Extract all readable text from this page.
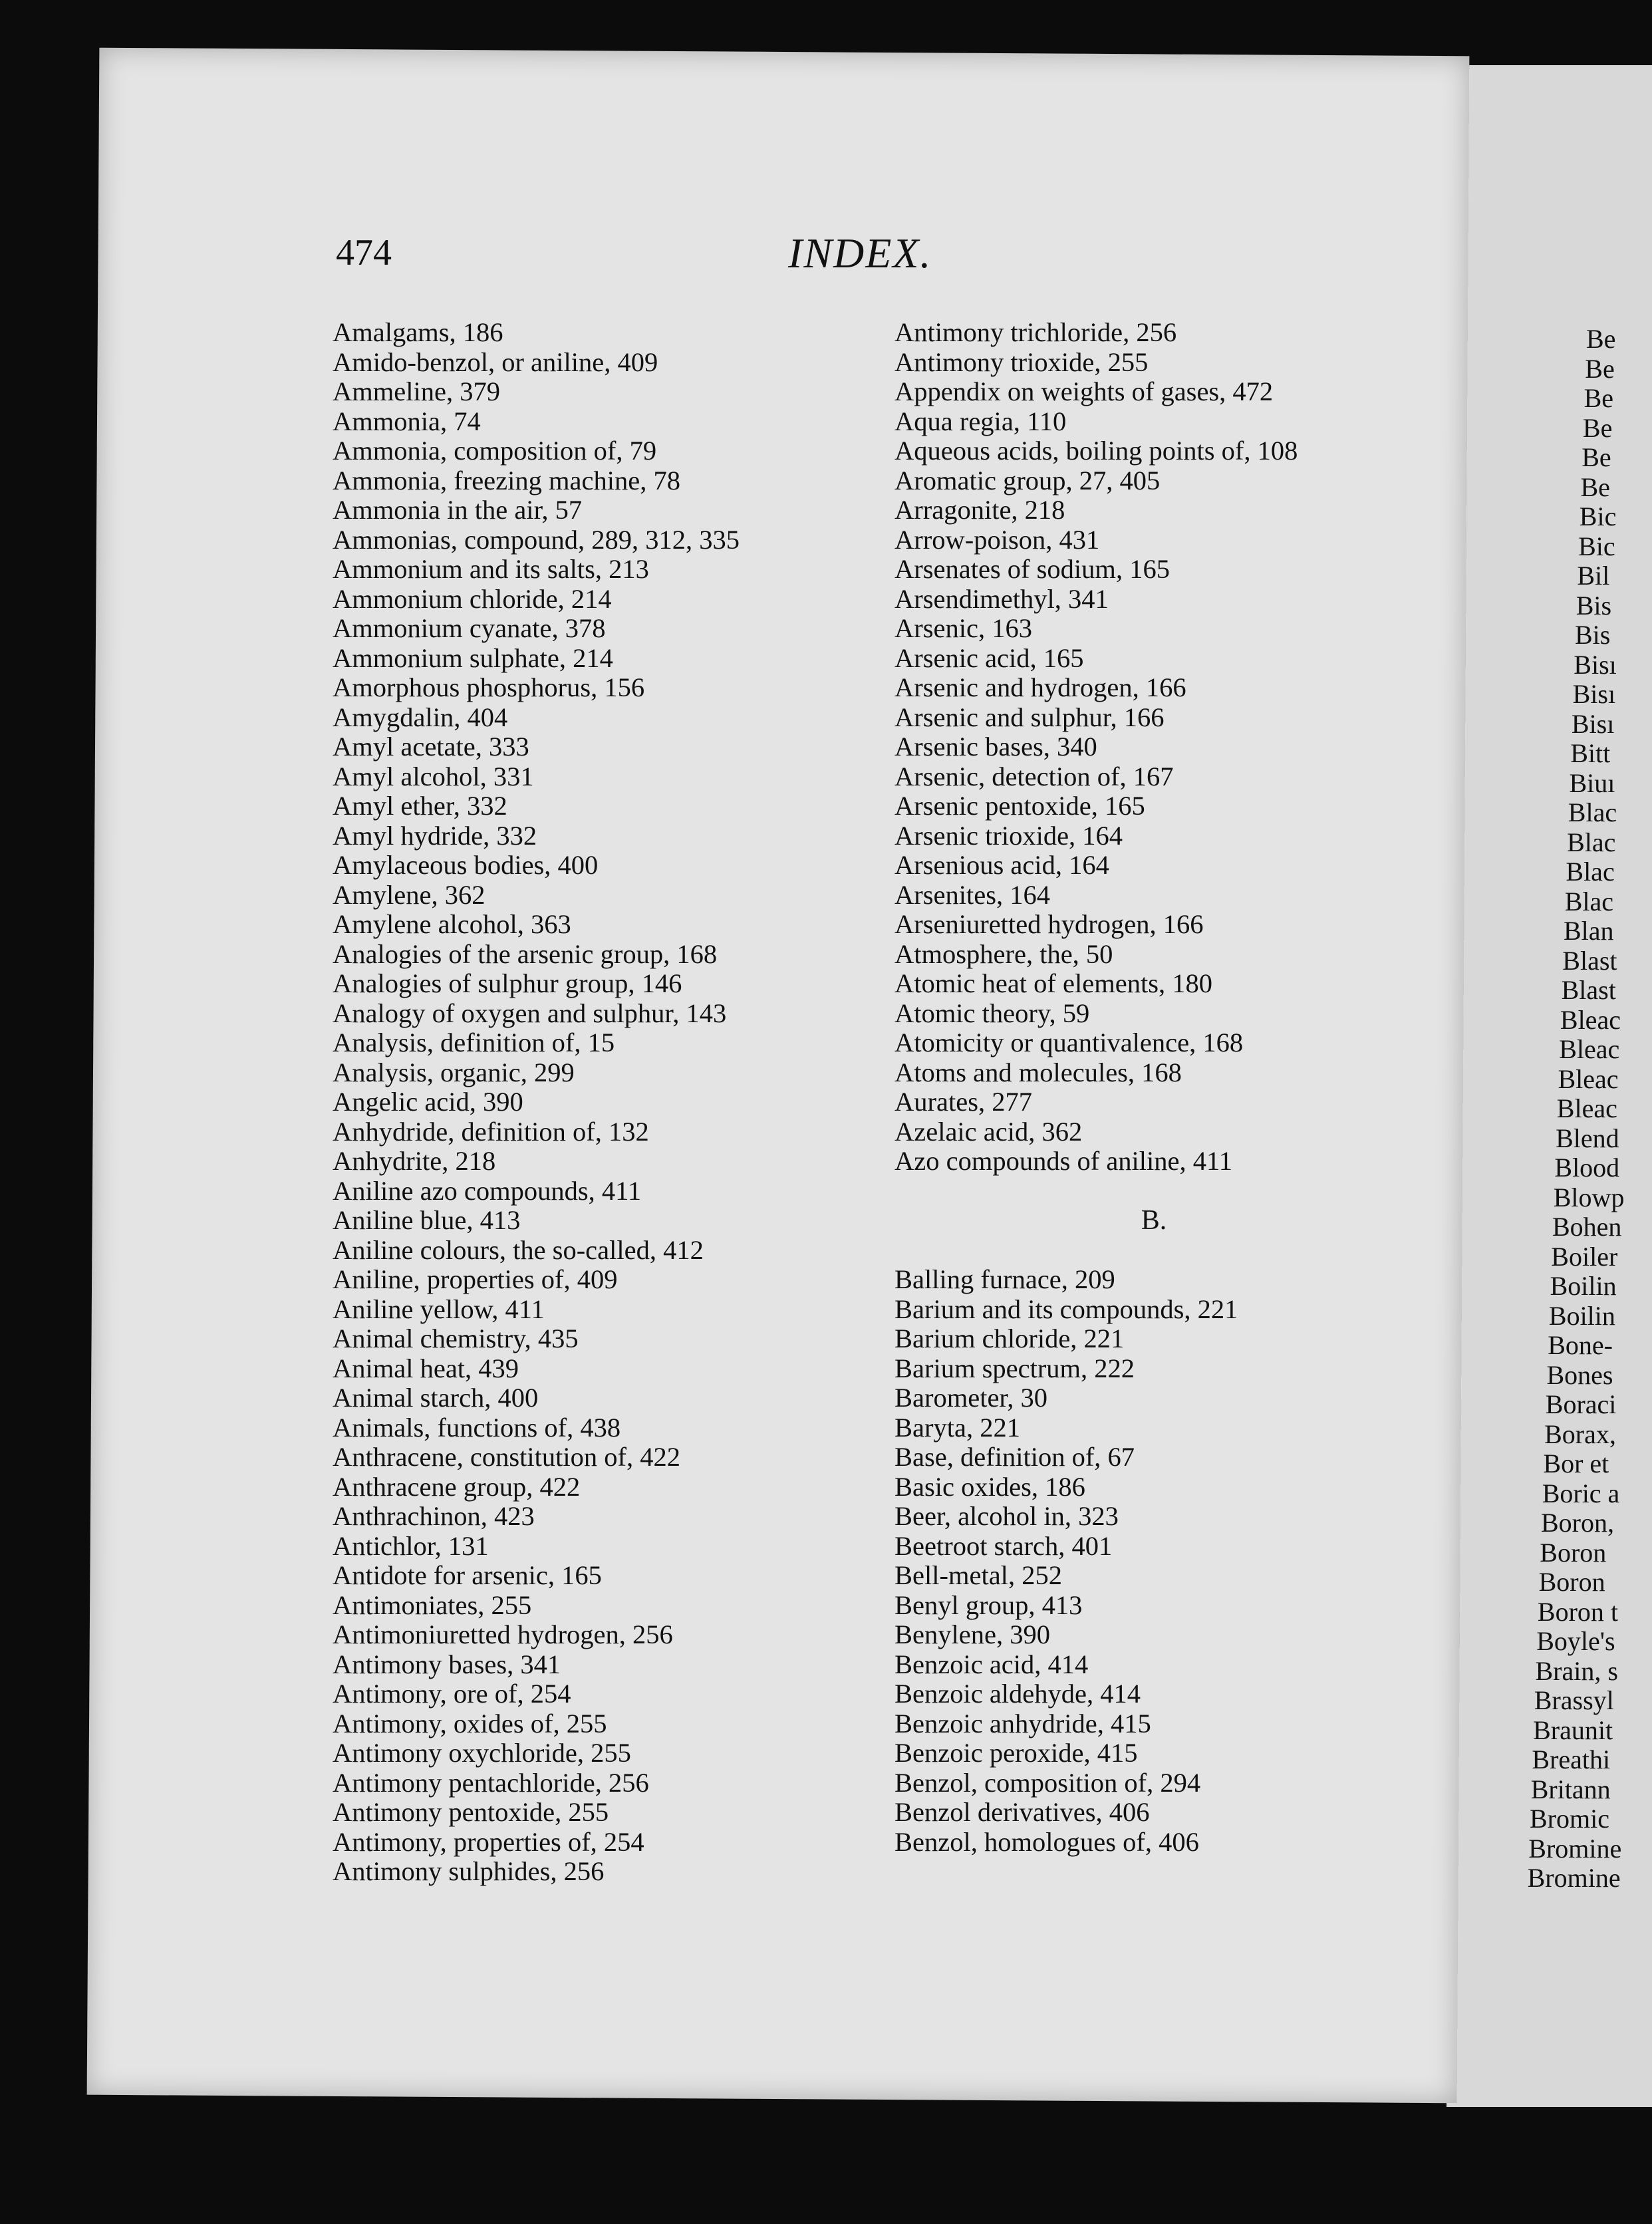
Be
Be
Be
Be
Be
Be
Bic
Bic
Bil
Bis
Bis
Bisı
Bisı
Bisı
Bitt
Biuı
Blac
Blac
Blac
Blac
Blan
Blast
Blast
Bleac
Bleac
Bleac
Bleac
Blend
Blood
Blowp
Bohen
Boiler
Boilin
Boilin
Bone-
Bones
Boraci
Borax,
Bor et
Boric a
Boron,
Boron
Boron
Boron t
Boyle's
Brain, s
Brassyl
Braunit
Breathi
Britann
Bromic
Bromine
Bromine
474	INDEX.
Amalgams, 186
Amido-benzol, or aniline, 409
Ammeline, 379
Ammonia, 74
Ammonia, composition of, 79
Ammonia, freezing machine, 78
Ammonia in the air, 57
Ammonias, compound, 289, 312, 335
Ammonium and its salts, 213
Ammonium chloride, 214
Ammonium cyanate, 378
Ammonium sulphate, 214
Amorphous phosphorus, 156
Amygdalin, 404
Amyl acetate, 333
Amyl alcohol, 331
Amyl ether, 332
Amyl hydride, 332
Amylaceous bodies, 400
Amylene, 362
Amylene alcohol, 363
Analogies of the arsenic group, 168
Analogies of sulphur group, 146
Analogy of oxygen and sulphur, 143
Analysis, definition of, 15
Analysis, organic, 299
Angelic acid, 390
Anhydride, definition of, 132
Anhydrite, 218
Aniline azo compounds, 411
Aniline blue, 413
Aniline colours, the so-called, 412
Aniline, properties of, 409
Aniline yellow, 411
Animal chemistry, 435
Animal heat, 439
Animal starch, 400
Animals, functions of, 438
Anthracene, constitution of, 422
Anthracene group, 422
Anthrachinon, 423
Antichlor, 131
Antidote for arsenic, 165
Antimoniates, 255
Antimoniuretted hydrogen, 256
Antimony bases, 341
Antimony, ore of, 254
Antimony, oxides of, 255
Antimony oxychloride, 255
Antimony pentachloride, 256
Antimony pentoxide, 255
Antimony, properties of, 254
Antimony sulphides, 256
Antimony trichloride, 256
Antimony trioxide, 255
Appendix on weights of gases, 472
Aqua regia, 110
Aqueous acids, boiling points of, 108
Aromatic group, 27, 405
Arragonite, 218
Arrow-poison, 431
Arsenates of sodium, 165
Arsendimethyl, 341
Arsenic, 163
Arsenic acid, 165
Arsenic and hydrogen, 166
Arsenic and sulphur, 166
Arsenic bases, 340
Arsenic, detection of, 167
Arsenic pentoxide, 165
Arsenic trioxide, 164
Arsenious acid, 164
Arsenites, 164
Arseniuretted hydrogen, 166
Atmosphere, the, 50
Atomic heat of elements, 180
Atomic theory, 59
Atomicity or quantivalence, 168
Atoms and molecules, 168
Aurates, 277
Azelaic acid, 362
Azo compounds of aniline, 411
B.
Balling furnace, 209
Barium and its compounds, 221
Barium chloride, 221
Barium spectrum, 222
Barometer, 30
Baryta, 221
Base, definition of, 67
Basic oxides, 186
Beer, alcohol in, 323
Beetroot starch, 401
Bell-metal, 252
Benyl group, 413
Benylene, 390
Benzoic acid, 414
Benzoic aldehyde, 414
Benzoic anhydride, 415
Benzoic peroxide, 415
Benzol, composition of, 294
Benzol derivatives, 406
Benzol, homologues of, 406
